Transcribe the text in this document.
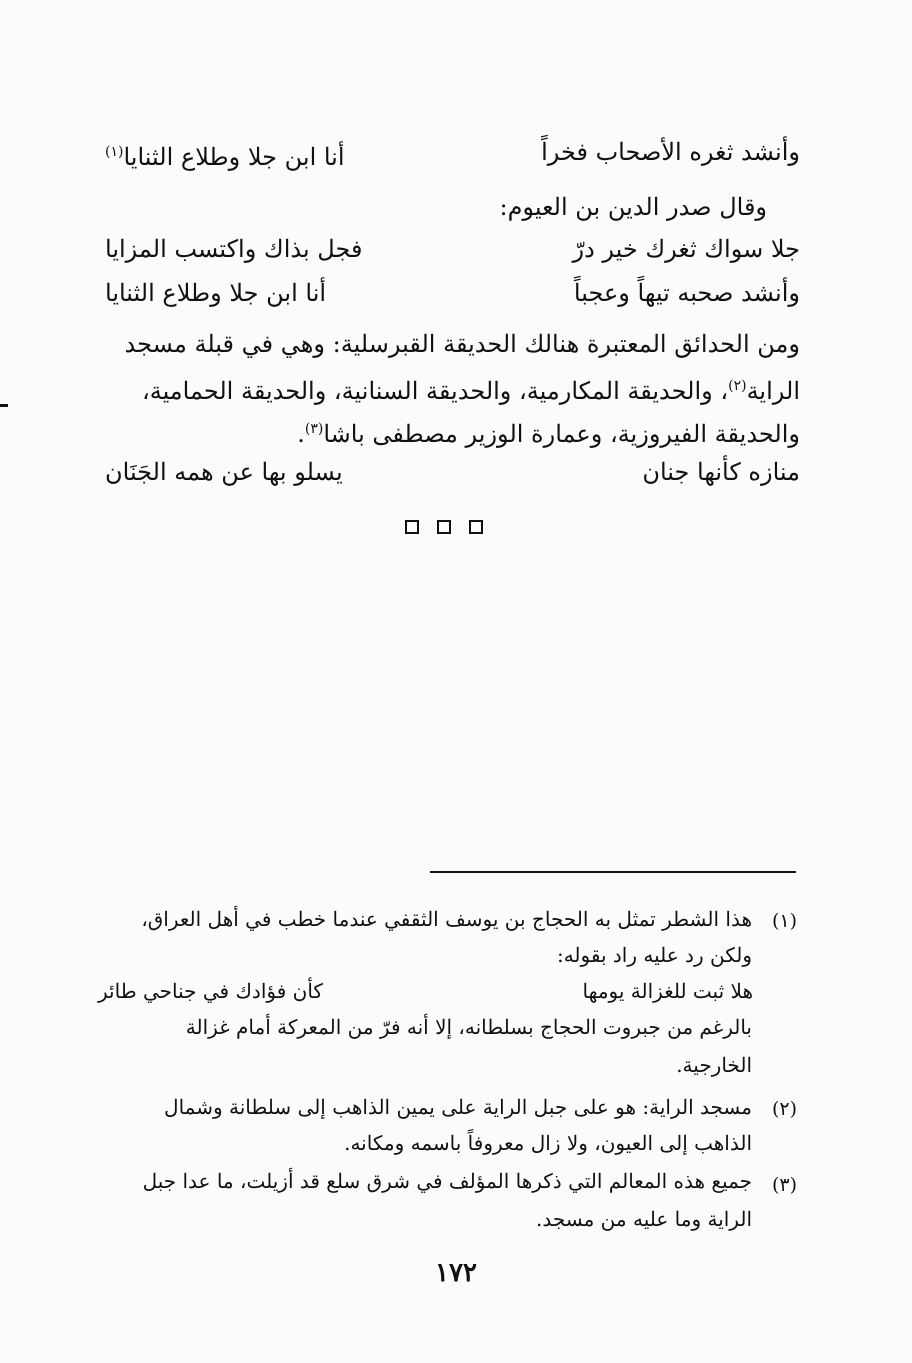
وأنشد ثغره الأصحاب فخراً
أنا ابن جلا وطلاع الثنايا$^{(١)}$
وقال صدر الدين بن العيوم:
جلا سواك ثغرك خير درّ
فجل بذاك واكتسب المزايا
وأنشد صحبه تيهاً وعجباً
أنا ابن جلا وطلاع الثنايا
ومن الحدائق المعتبرة هنالك الحديقة القبرسلية: وهي في قبلة مسجد
الراية$^{(٢)}$، والحديقة المكارمية، والحديقة السنانية، والحديقة الحمامية،
والحديقة الفيروزية، وعمارة الوزير مصطفى باشا$^{(٣)}$.
منازه كأنها جنان
يسلو بها عن همه الجَنَان
(١)
هذا الشطر تمثل به الحجاج بن يوسف الثقفي عندما خطب في أهل العراق،
ولكن رد عليه راد بقوله:
هلا ثبت للغزالة يومها
كأن فؤادك في جناحي طائر
بالرغم من جبروت الحجاج بسلطانه، إلا أنه فرّ من المعركة أمام غزالة
الخارجية.
(٢)
مسجد الراية: هو على جبل الراية على يمين الذاهب إلى سلطانة وشمال
الذاهب إلى العيون، ولا زال معروفاً باسمه ومكانه.
(٣)
جميع هذه المعالم التي ذكرها المؤلف في شرق سلع قد أزيلت، ما عدا جبل
الراية وما عليه من مسجد.
١٧٢
